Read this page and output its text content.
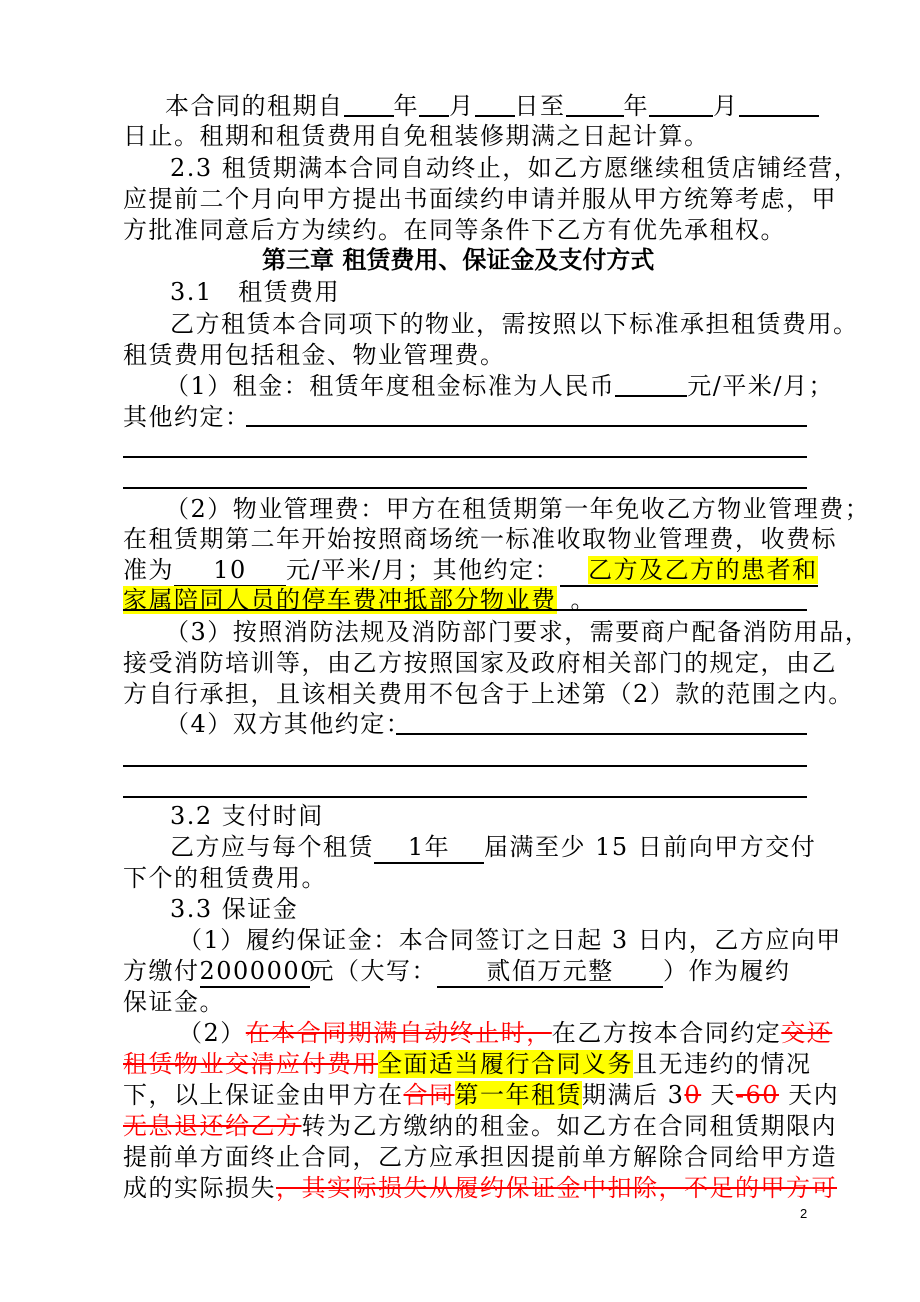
本合同的租期自 年 月 日至 年	月
日止。租期和租赁费用自免租装修期满之日起计算。
2.3 租赁期满本合同自动终止，如乙方愿继续租赁店铺经营，
应提前二个月向甲方提出书面续约申请并服从甲方统筹考虑，甲
方批准同意后方为续约。在同等条件下乙方有优先承租权。
第三章 租赁费用、保证金及支付方式
3.1　租赁费用
乙方租赁本合同项下的物业，需按照以下标准承担租赁费用。
租赁费用包括租金、物业管理费。
（1）租金：租赁年度租金标准为人民币	元/平米/月；
其他约定：
（2）物业管理费：甲方在租赁期第一年免收乙方物业管理费；
在租赁期第二年开始按照商场统一标准收取物业管理费，收费标
准为 10 元/平米/月；其他约定： 乙方及乙方的患者和
家属陪同人员的停车费冲抵部分物业费 。
（3）按照消防法规及消防部门要求，需要商户配备消防用品，
接受消防培训等，由乙方按照国家及政府相关部门的规定，由乙
方自行承担，且该相关费用不包含于上述第（2）款的范围之内。
（4）双方其他约定：
3.2 支付时间
乙方应与每个租赁 1年 届满至少 15 日前向甲方交付
下个的租赁费用。
3.3 保证金
（1）履约保证金：本合同签订之日起 3 日内，乙方应向甲
方缴付2000000元（大写： 贰佰万元整 ）作为履约
保证金。
（2）在本合同期满自动终止时，在乙方按本合同约定交还
租赁物业交清应付费用全面适当履行合同义务且无违约的情况
下，以上保证金由甲方在合同第一年租赁期满后 30 天-60 天内
无息退还给乙方转为乙方缴纳的租金。如乙方在合同租赁期限内
提前单方面终止合同，乙方应承担因提前单方解除合同给甲方造
成的实际损失，其实际损失从履约保证金中扣除，不足的甲方可
2
